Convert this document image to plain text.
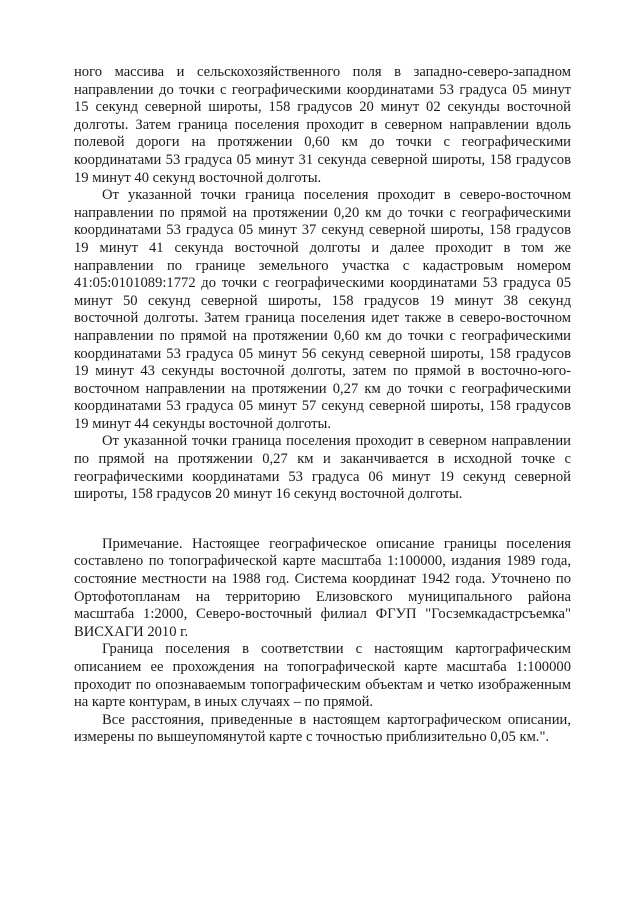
ного массива и сельскохозяйственного поля в западно-северо-западном направлении до точки с географическими координатами 53 градуса 05 минут 15 секунд северной широты, 158 градусов 20 минут 02 секунды восточной долготы. Затем граница поселения проходит в северном направлении вдоль полевой дороги на протяжении 0,60 км до точки с географическими координатами 53 градуса 05 минут 31 секунда северной широты, 158 градусов 19 минут 40 секунд восточной долготы.

От указанной точки граница поселения проходит в северо-восточном направлении по прямой на протяжении 0,20 км до точки с географическими координатами 53 градуса 05 минут 37 секунд северной широты, 158 градусов 19 минут 41 секунда восточной долготы и далее проходит в том же направлении по границе земельного участка с кадастровым номером 41:05:0101089:1772 до точки с географическими координатами 53 градуса 05 минут 50 секунд северной широты, 158 градусов 19 минут 38 секунд восточной долготы. Затем граница поселения идет также в северо-восточном направлении по прямой на протяжении 0,60 км до точки с географическими координатами 53 градуса 05 минут 56 секунд северной широты, 158 градусов 19 минут 43 секунды восточной долготы, затем по прямой в восточно-юго-восточном направлении на протяжении 0,27 км до точки с географическими координатами 53 градуса 05 минут 57 секунд северной широты, 158 градусов 19 минут 44 секунды восточной долготы.

От указанной точки граница поселения проходит в северном направлении по прямой на протяжении 0,27 км и заканчивается в исходной точке с географическими координатами 53 градуса 06 минут 19 секунд северной широты, 158 градусов 20 минут 16 секунд восточной долготы.

Примечание. Настоящее географическое описание границы поселения составлено по топографической карте масштаба 1:100000, издания 1989 года, состояние местности на 1988 год. Система координат 1942 года. Уточнено по Ортофотопланам на территорию Елизовского муниципального района масштаба 1:2000, Северо-восточный филиал ФГУП "Госземкадастрсъемка" ВИСХАГИ 2010 г.

Граница поселения в соответствии с настоящим картографическим описанием ее прохождения на топографической карте масштаба 1:100000 проходит по опознаваемым топографическим объектам и четко изображенным на карте контурам, в иных случаях – по прямой.

Все расстояния, приведенные в настоящем картографическом описании, измерены по вышеупомянутой карте с точностью приблизительно 0,05 км.".
